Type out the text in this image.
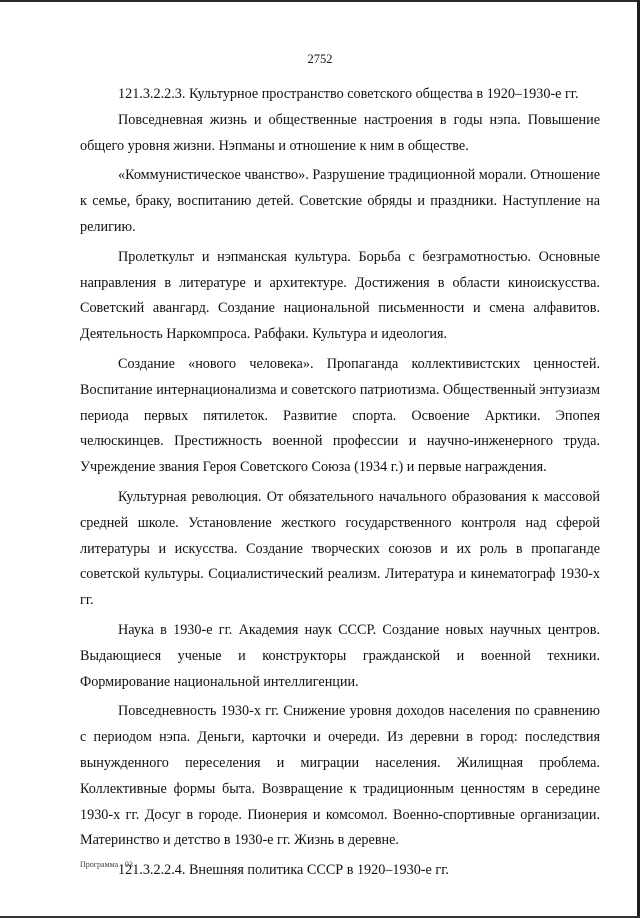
2752

121.3.2.2.3. Культурное пространство советского общества в 1920–1930-е гг.

Повседневная жизнь и общественные настроения в годы нэпа. Повышение общего уровня жизни. Нэпманы и отношение к ним в обществе.

«Коммунистическое чванство». Разрушение традиционной морали. Отношение к семье, браку, воспитанию детей. Советские обряды и праздники. Наступление на религию.

Пролеткульт и нэпманская культура. Борьба с безграмотностью. Основные направления в литературе и архитектуре. Достижения в области киноискусства. Советский авангард. Создание национальной письменности и смена алфавитов. Деятельность Наркомпроса. Рабфаки. Культура и идеология.

Создание «нового человека». Пропаганда коллективистских ценностей. Воспитание интернационализма и советского патриотизма. Общественный энтузиазм периода первых пятилеток. Развитие спорта. Освоение Арктики. Эпопея челюскинцев. Престижность военной профессии и научно-инженерного труда. Учреждение звания Героя Советского Союза (1934 г.) и первые награждения.

Культурная революция. От обязательного начального образования к массовой средней школе. Установление жесткого государственного контроля над сферой литературы и искусства. Создание творческих союзов и их роль в пропаганде советской культуры. Социалистический реализм. Литература и кинематограф 1930-х гг.

Наука в 1930-е гг. Академия наук СССР. Создание новых научных центров. Выдающиеся ученые и конструкторы гражданской и военной техники. Формирование национальной интеллигенции.

Повседневность 1930-х гг. Снижение уровня доходов населения по сравнению с периодом нэпа. Деньги, карточки и очереди. Из деревни в город: последствия вынужденного переселения и миграции населения. Жилищная проблема. Коллективные формы быта. Возвращение к традиционным ценностям в середине 1930-х гг. Досуг в городе. Пионерия и комсомол. Военно-спортивные организации. Материнство и детство в 1930-е гг. Жизнь в деревне.

121.3.2.2.4. Внешняя политика СССР в 1920–1930-е гг.

Программа - 03
